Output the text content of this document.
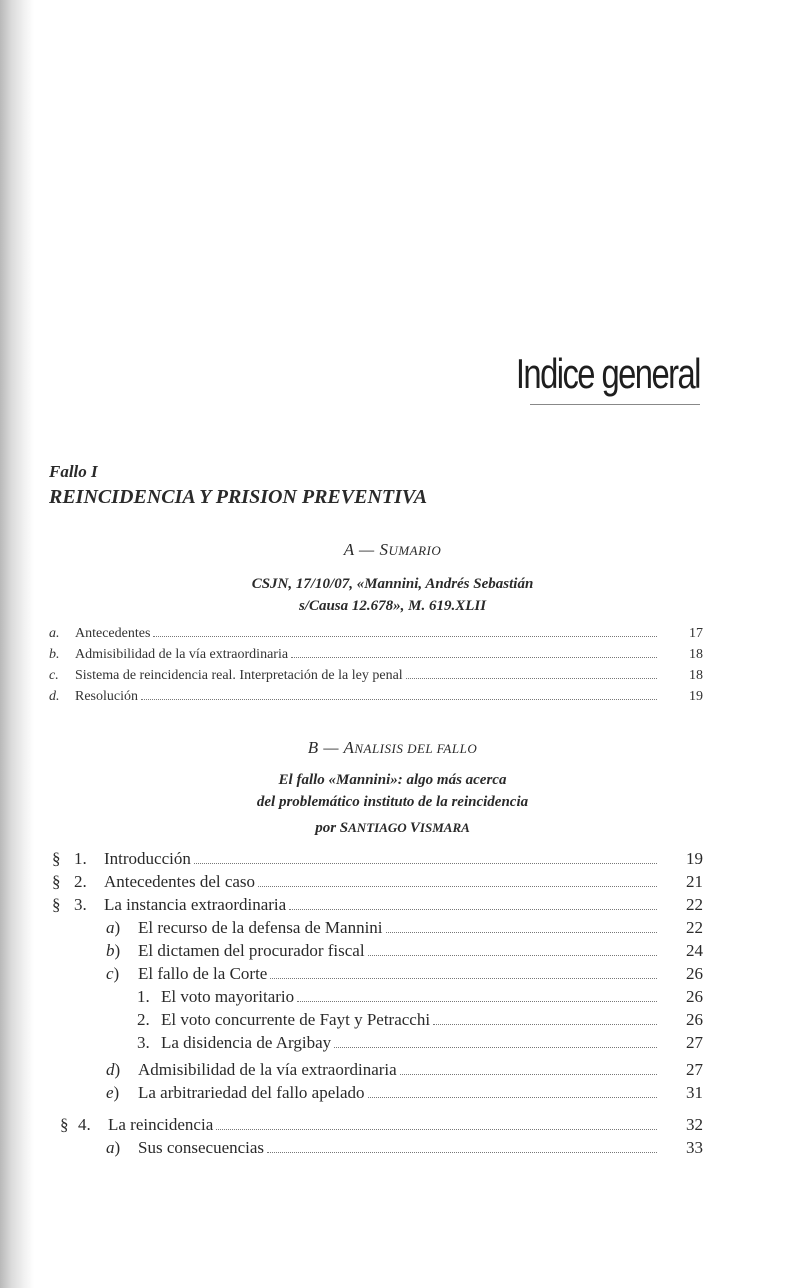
Indice general
Fallo I
REINCIDENCIA Y PRISION PREVENTIVA
A — SUMARIO
CSJN, 17/10/07, «Mannini, Andrés Sebastián
s/Causa 12.678», M. 619.XLII
a.	Antecedentes	17
b.	Admisibilidad de la vía extraordinaria	18
c.	Sistema de reincidencia real. Interpretación de la ley penal	18
d.	Resolución	19
B — ANALISIS DEL FALLO
El fallo «Mannini»: algo más acerca
del problemático instituto de la reincidencia
por SANTIAGO VISMARA
§ 1.	Introducción	19
§ 2.	Antecedentes del caso	21
§ 3.	La instancia extraordinaria	22
a)	El recurso de la defensa de Mannini	22
b)	El dictamen del procurador fiscal	24
c)	El fallo de la Corte	26
1. El voto mayoritario	26
2. El voto concurrente de Fayt y Petracchi	26
3. La disidencia de Argibay	27
d)	Admisibilidad de la vía extraordinaria	27
e)	La arbitrariedad del fallo apelado	31
§ 4.	La reincidencia	32
a)	Sus consecuencias	33
